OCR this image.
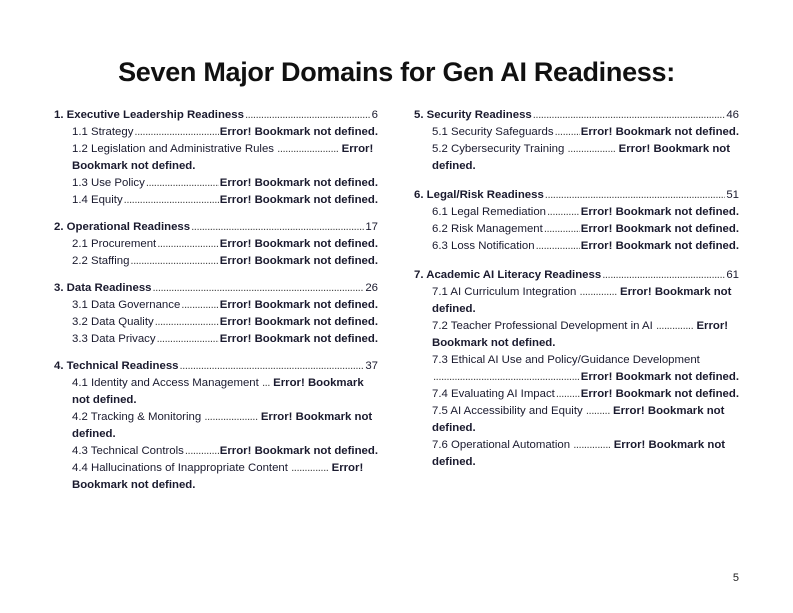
Seven Major Domains for Gen AI Readiness:
1. Executive Leadership Readiness .....	6
1.1 Strategy .....	Error! Bookmark not defined.
1.2 Legislation and Administrative Rules ....................... Error! Bookmark not defined.
1.3 Use Policy .....	Error! Bookmark not defined.
1.4 Equity .....	Error! Bookmark not defined.
2. Operational Readiness .....	17
2.1 Procurement .....	Error! Bookmark not defined.
2.2 Staffing .....	Error! Bookmark not defined.
3. Data Readiness .....	26
3.1 Data Governance .....	Error! Bookmark not defined.
3.2 Data Quality .....	Error! Bookmark not defined.
3.3 Data Privacy .....	Error! Bookmark not defined.
4. Technical Readiness .....	37
4.1 Identity and Access Management ... Error! Bookmark not defined.
4.2 Tracking & Monitoring .................... Error! Bookmark not defined.
4.3 Technical Controls .....	Error! Bookmark not defined.
4.4 Hallucinations of Inappropriate Content .............. Error! Bookmark not defined.
5. Security Readiness .....	46
5.1 Security Safeguards ..... Error! Bookmark not defined.
5.2 Cybersecurity Training .................. Error! Bookmark not defined.
6. Legal/Risk Readiness .....	51
6.1 Legal Remediation .....	Error! Bookmark not defined.
6.2 Risk Management .....	Error! Bookmark not defined.
6.3 Loss Notification .....	Error! Bookmark not defined.
7. Academic AI Literacy Readiness .....	61
7.1 AI Curriculum Integration .............. Error! Bookmark not defined.
7.2 Teacher Professional Development in AI .............. Error! Bookmark not defined.
7.3 Ethical AI Use and Policy/Guidance Development
.....
Error! Bookmark not defined.
7.4 Evaluating AI Impact ..... Error! Bookmark not defined.
7.5 AI Accessibility and Equity ......... Error! Bookmark not defined.
7.6 Operational Automation .............. Error! Bookmark not defined.
5
